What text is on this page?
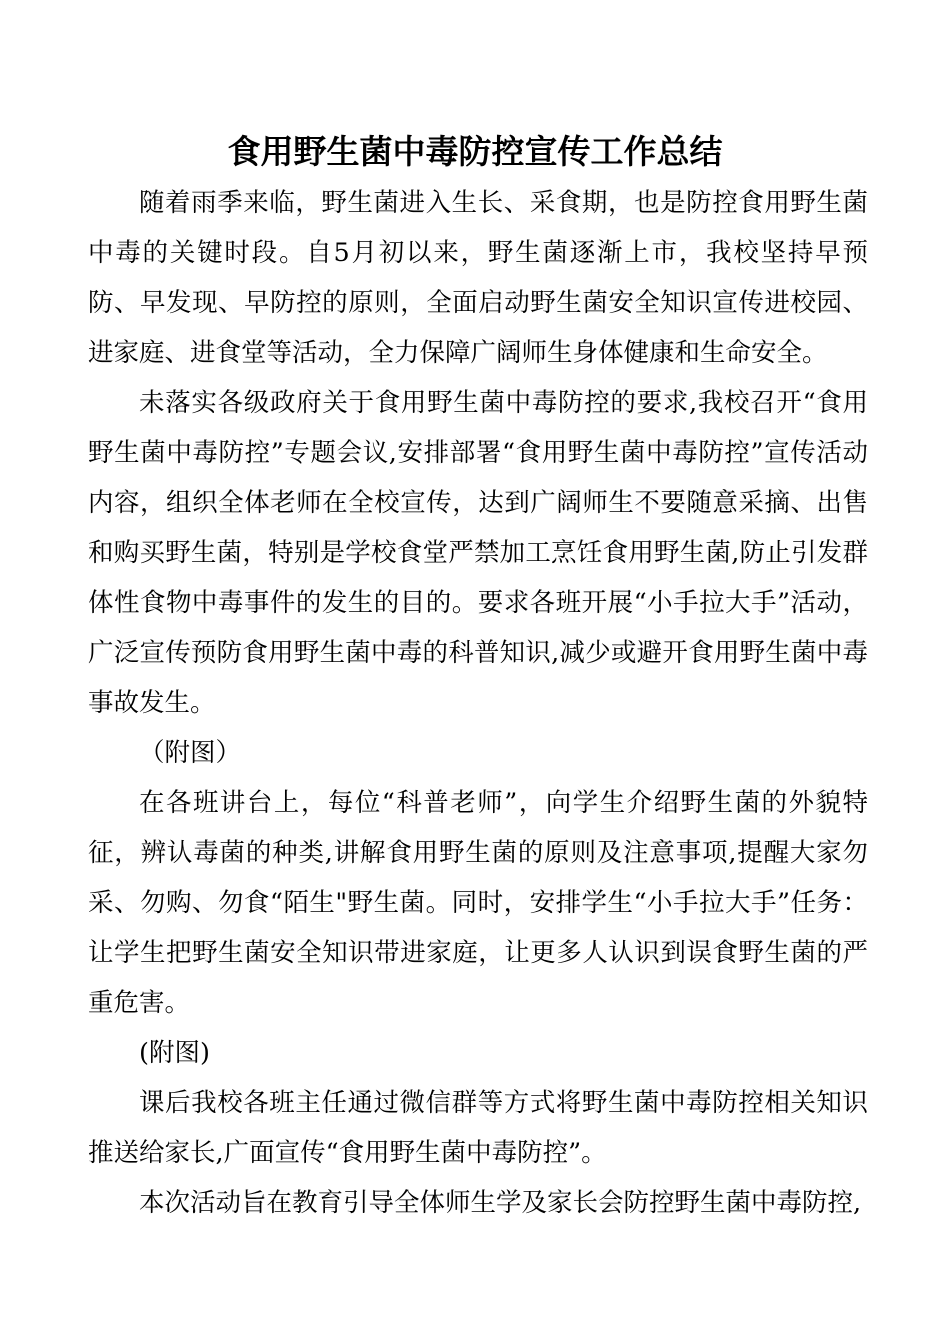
食用野生菌中毒防控宣传工作总结

随着雨季来临，野生菌进入生长、采食期，也是防控食用野生菌中毒的关键时段。自5月初以来，野生菌逐渐上市，我校坚持早预防、早发现、早防控的原则，全面启动野生菌安全知识宣传进校园、进家庭、进食堂等活动，全力保障广阔师生身体健康和生命安全。

未落实各级政府关于食用野生菌中毒防控的要求,我校召开“食用野生菌中毒防控”专题会议,安排部署“食用野生菌中毒防控”宣传活动内容，组织全体老师在全校宣传，达到广阔师生不要随意采摘、出售和购买野生菌，特别是学校食堂严禁加工烹饪食用野生菌,防止引发群体性食物中毒事件的发生的目的。要求各班开展“小手拉大手”活动，广泛宣传预防食用野生菌中毒的科普知识,减少或避开食用野生菌中毒事故发生。

（附图）

在各班讲台上，每位“科普老师”，向学生介绍野生菌的外貌特征，辨认毒菌的种类,讲解食用野生菌的原则及注意事项,提醒大家勿采、勿购、勿食“陌生"野生菌。同时，安排学生“小手拉大手”任务：让学生把野生菌安全知识带进家庭，让更多人认识到误食野生菌的严重危害。

(附图)

课后我校各班主任通过微信群等方式将野生菌中毒防控相关知识推送给家长,广面宣传“食用野生菌中毒防控”。

本次活动旨在教育引导全体师生学及家长会防控野生菌中毒防控,
